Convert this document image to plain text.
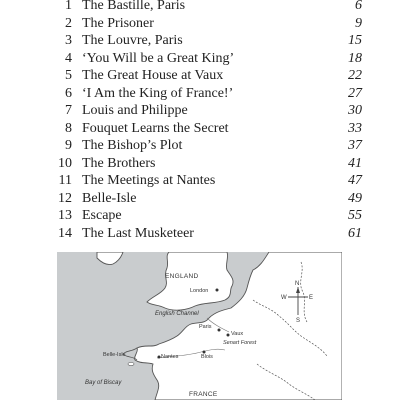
1 The Bastille, Paris	6
2 The Prisoner	9
3 The Louvre, Paris	15
4 ‘You Will be a Great King’	18
5 The Great House at Vaux	22
6 ‘I Am the King of France!’	27
7 Louis and Philippe	30
8 Fouquet Learns the Secret	33
9 The Bishop’s Plot	37
10 The Brothers	41
11 The Meetings at Nantes	47
12 Belle-Isle	49
13 Escape	55
14 The Last Musketeer	61
N
S
E
W
ENGLAND
London
English Channel
Paris
Vaux
Senart Forest
Blois
Nantes
Belle-Isle
Bay of Biscay
FRANCE
